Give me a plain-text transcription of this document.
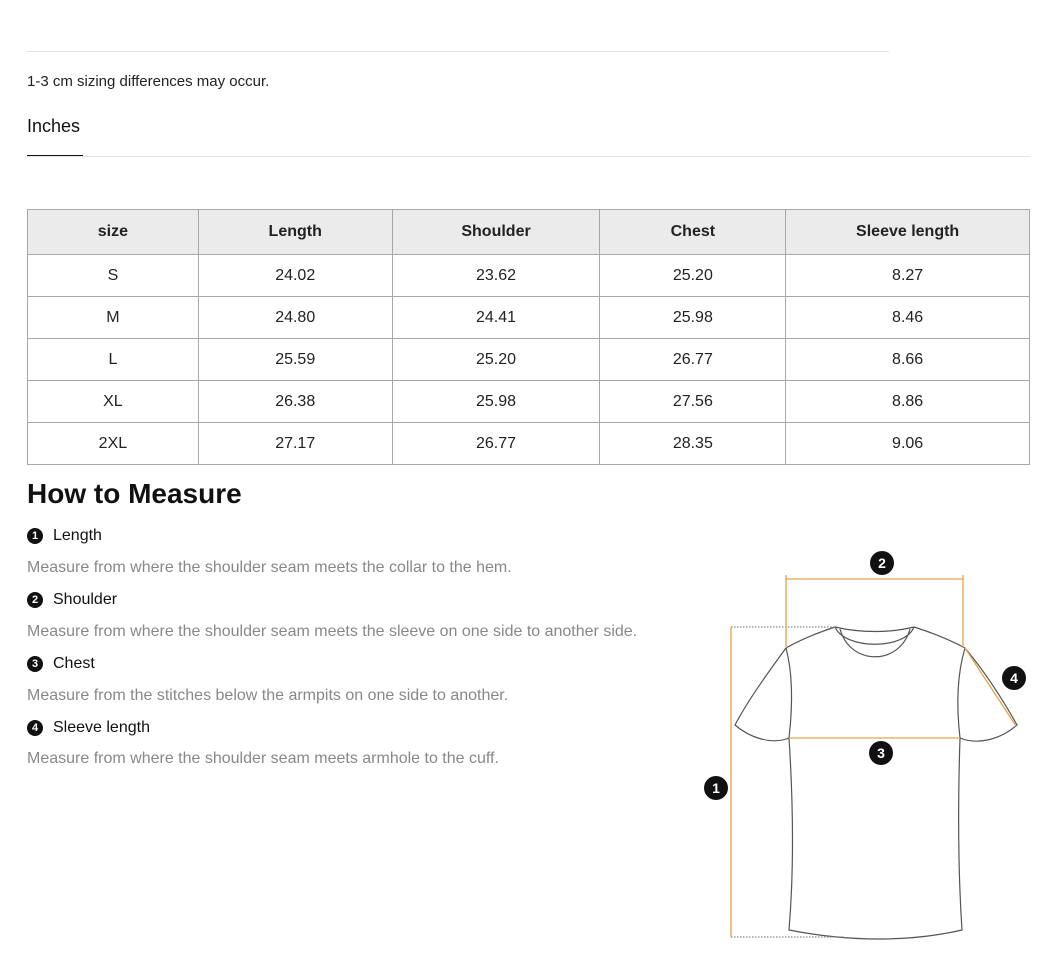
1-3 cm sizing differences may occur.
Inches
size	Length	Shoulder	Chest	Sleeve length
S	24.02	23.62	25.20	8.27
M	24.80	24.41	25.98	8.46
L	25.59	25.20	26.77	8.66
XL	26.38	25.98	27.56	8.86
2XL	27.17	26.77	28.35	9.06
How to Measure
1 Length
Measure from where the shoulder seam meets the collar to the hem.
2 Shoulder
Measure from where the shoulder seam meets the sleeve on one side to another side.
3 Chest
Measure from the stitches below the armpits on one side to another.
4 Sleeve length
Measure from where the shoulder seam meets armhole to the cuff.
1
2
3
4
